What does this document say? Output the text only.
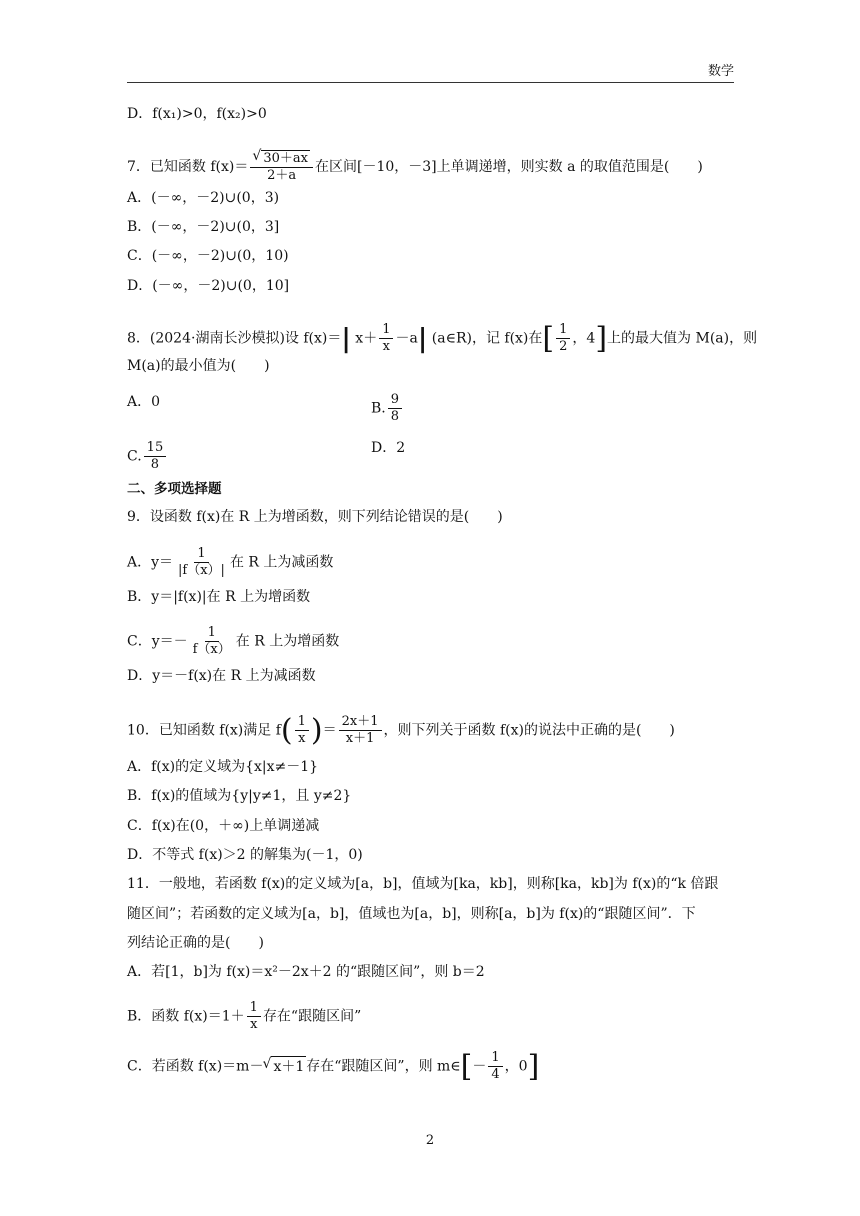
数学
D．f(x₁)>0，f(x₂)>0
7．已知函数 f(x)＝ √ $\frac{30+ax}{2+a}$ 在区间[－10，－3]上单调递增，则实数 a 的取值范围是(　　)
A．(－∞，－2)∪(0，3)
B．(－∞，－2)∪(0，3]
C．(－∞，－2)∪(0，10)
D．(－∞，－2)∪(0，10]
8．(2024·湖南长沙模拟)设 f(x)＝| $x+ \frac{1}{x} -a|$ (a∈R)，记 f(x)在[ $\frac{1}{2}$ ，4]上的最大值为 M(a)，则
M(a)的最小值为(　　)
A．0	B. $\frac{9}{8}$
C. $\frac{15}{8}$	D．2
二、多项选择题
9．设函数 f(x)在 R 上为增函数，则下列结论错误的是(　　)
A．$y= \frac{1}{|f(x)|}$ 在 R 上为减函数
B．y＝|f(x)|在 R 上为增函数
C．$y=- \frac{1}{f(x)}$ 在 R 上为增函数
D．y＝－f(x)在 R 上为减函数
10．已知函数 f(x)满足 $f( \frac{1}{x}$ )＝ $\frac{2x+1}{x+1}$ ，则下列关于函数 f(x)的说法中正确的是(　　)
A．f(x)的定义域为{x|x≠－1}
B．f(x)的值域为{y|y≠1，且 y≠2}
C．f(x)在(0，＋∞)上单调递减
D．不等式 f(x)＞2 的解集为(－1，0)
11．一般地，若函数 f(x)的定义域为[a，b]，值域为[ka，kb]，则称[ka，kb]为 f(x)的“k 倍跟
随区间”；若函数的定义域为[a，b]，值域也为[a，b]，则称[a，b]为 f(x)的“跟随区间”．下
列结论正确的是(　　)
A．若[1，b]为 f(x)＝x²－2x＋2 的“跟随区间”，则 b＝2
B．函数 $f(x)=1+ \frac{1}{x}$ 存在“跟随区间”
C．若函数 f(x)＝m－ √ x＋1 存在“跟随区间”，则 m∈[－ $\frac{1}{4}$ ，0]
2
